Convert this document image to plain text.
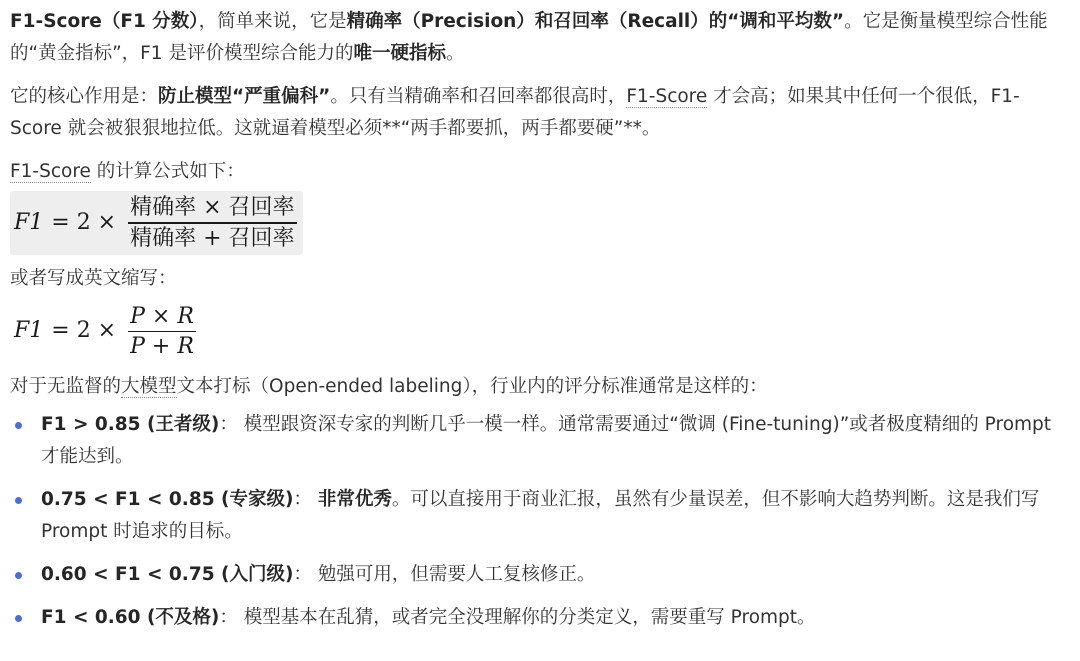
F1-Score（F1 分数），简单来说，它是精确率（Precision）和召回率（Recall）的“调和平均数”。它是衡量模型综合性能的“黄金指标”，F1 是评价模型综合能力的唯一硬指标。

它的核心作用是：防止模型“严重偏科”。只有当精确率和召回率都很高时，F1-Score 才会高；如果其中任何一个很低，F1-Score 就会被狠狠地拉低。这就逼着模型必须**“两手都要抓，两手都要硬”**。

F1-Score 的计算公式如下：

$F1 = 2 \times \frac{\text{精确率 × 召回率}}{\text{精确率 + 召回率}}$

或者写成英文缩写：

$F1 = 2 \times \frac{P \times R}{P + R}$

对于无监督的大模型文本打标（Open-ended labeling），行业内的评分标准通常是这样的：

F1 > 0.85 (王者级)： 模型跟资深专家的判断几乎一模一样。通常需要通过“微调 (Fine-tuning)”或者极度精细的 Prompt 才能达到。
0.75 < F1 < 0.85 (专家级)： 非常优秀。可以直接用于商业汇报，虽然有少量误差，但不影响大趋势判断。这是我们写 Prompt 时追求的目标。
0.60 < F1 < 0.75 (入门级)： 勉强可用，但需要人工复核修正。
F1 < 0.60 (不及格)： 模型基本在乱猜，或者完全没理解你的分类定义，需要重写 Prompt。
